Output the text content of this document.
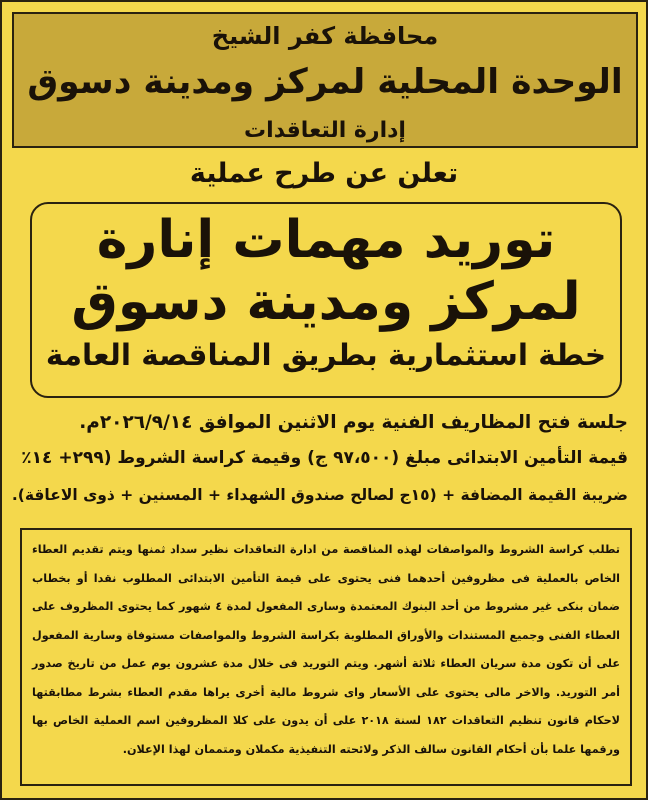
محافظة كفر الشيخ
الوحدة المحلية لمركز ومدينة دسوق
إدارة التعاقدات
تعلن عن طرح عملية
توريد مهمات إنارة
لمركز ومدينة دسوق
خطة استثمارية بطريق المناقصة العامة
جلسة فتح المظاريف الفنية يوم الاثنين الموافق ٢٠٢٦/٩/١٤م.
قيمة التأمين الابتدائى مبلغ (٩٧،٥٠٠ ج) وقيمة كراسة الشروط (٢٩٩+ ١٤٪
ضريبة القيمة المضافة + (١٥ج لصالح صندوق الشهداء + المسنين + ذوى الاعاقة).
تطلب كراسة الشروط والمواصفات لهذه المناقصة من ادارة التعاقدات نظير سداد ثمنها ويتم تقديم العطاء الخاص بالعملية فى مظروفين أحدهما فنى يحتوى على قيمة التأمين الابتدائى المطلوب نقدا أو بخطاب ضمان بنكى غير مشروط من أحد البنوك المعتمدة وسارى المفعول لمدة ٤ شهور كما يحتوى المظروف على العطاء الفنى وجميع المستندات والأوراق المطلوبة بكراسة الشروط والمواصفات مستوفاة وسارية المفعول على أن تكون مدة سريان العطاء ثلاثة أشهر. ويتم التوريد فى خلال مدة عشرون يوم عمل من تاريخ صدور أمر التوريد. والاخر مالى يحتوى على الأسعار واى شروط مالية أخرى يراها مقدم العطاء بشرط مطابقتها لاحكام قانون تنظيم التعاقدات ١٨٢ لسنة ٢٠١٨ على أن يدون على كلا المظروفين اسم العملية الخاص بها ورقمها علما بأن أحكام القانون سالف الذكر ولائحته التنفيذية مكملان ومتممان لهذا الإعلان.
